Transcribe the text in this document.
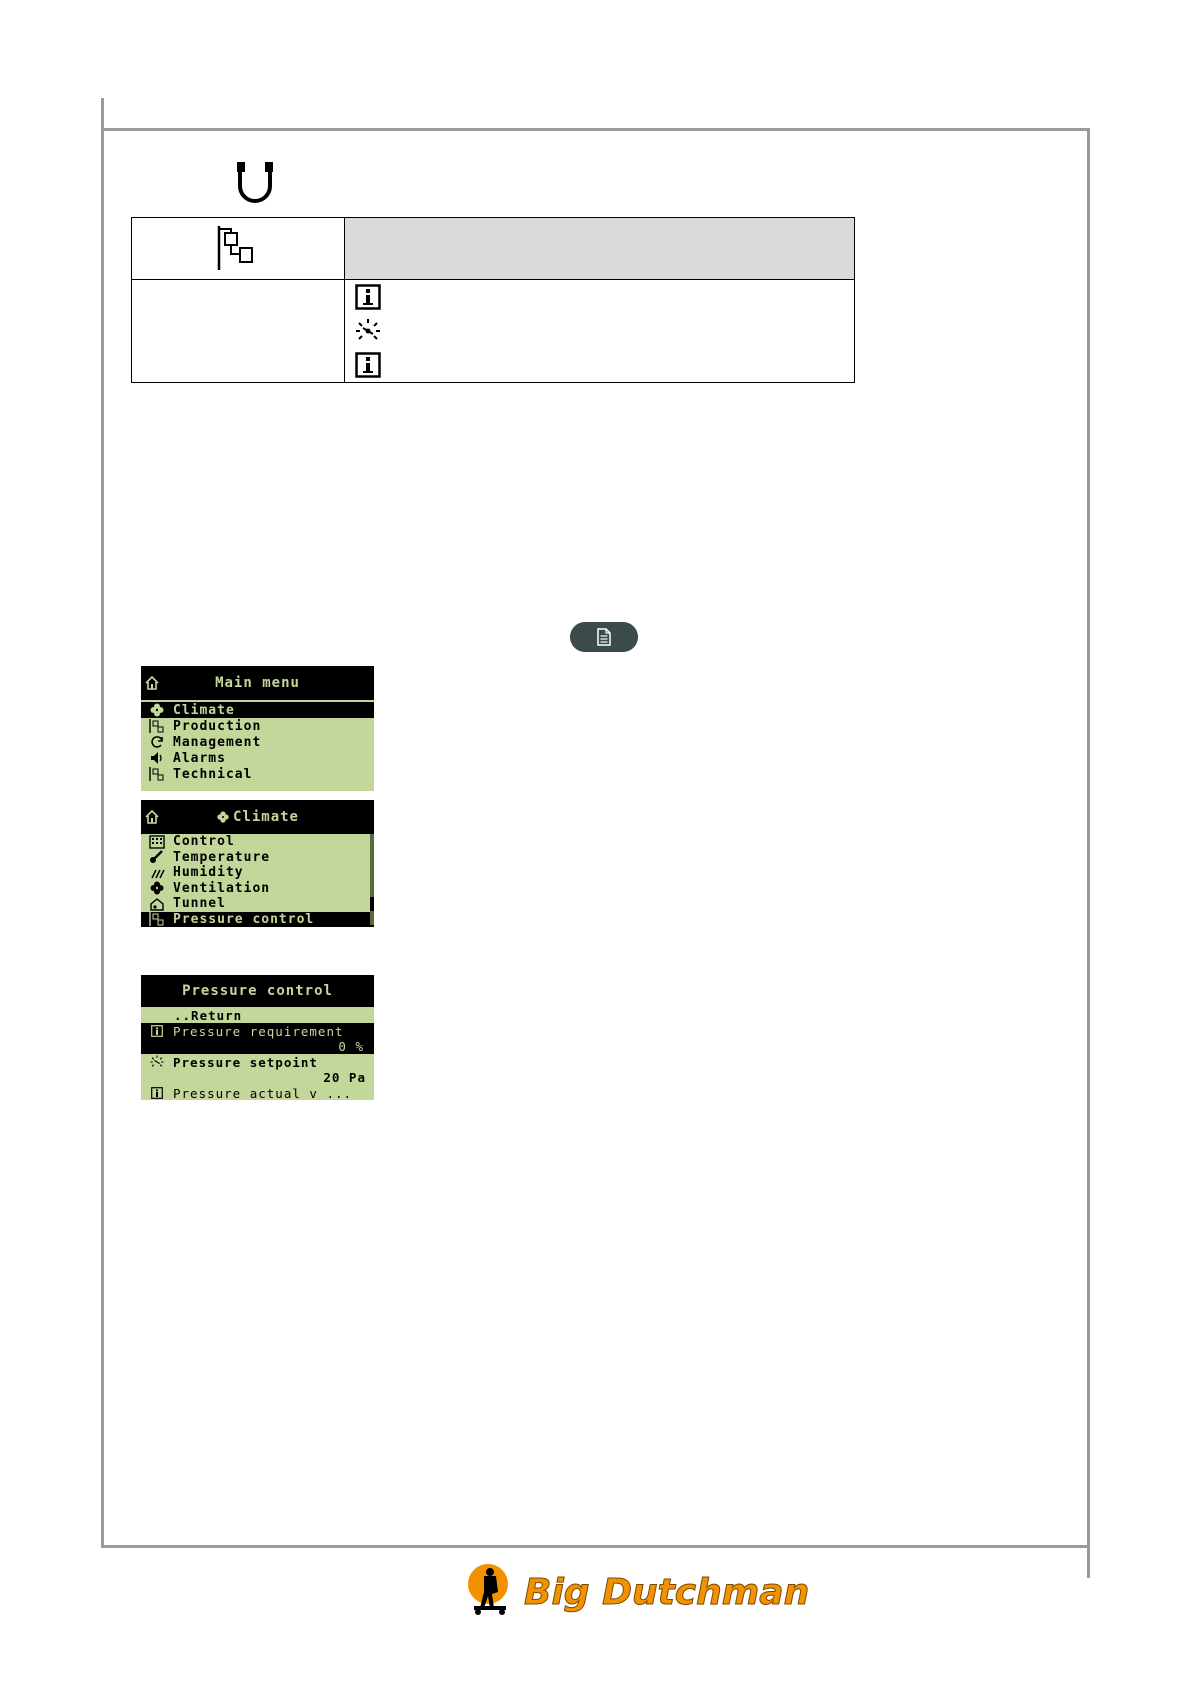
Main menu
Climate
Production
Management
Alarms
Technical
Climate
Control
Temperature
Humidity
Ventilation
Tunnel
Pressure control
Pressure control
..Return
Pressure requirement
0 %
Pressure setpoint
20 Pa
Pressure actual v ...
Big Dutchman
